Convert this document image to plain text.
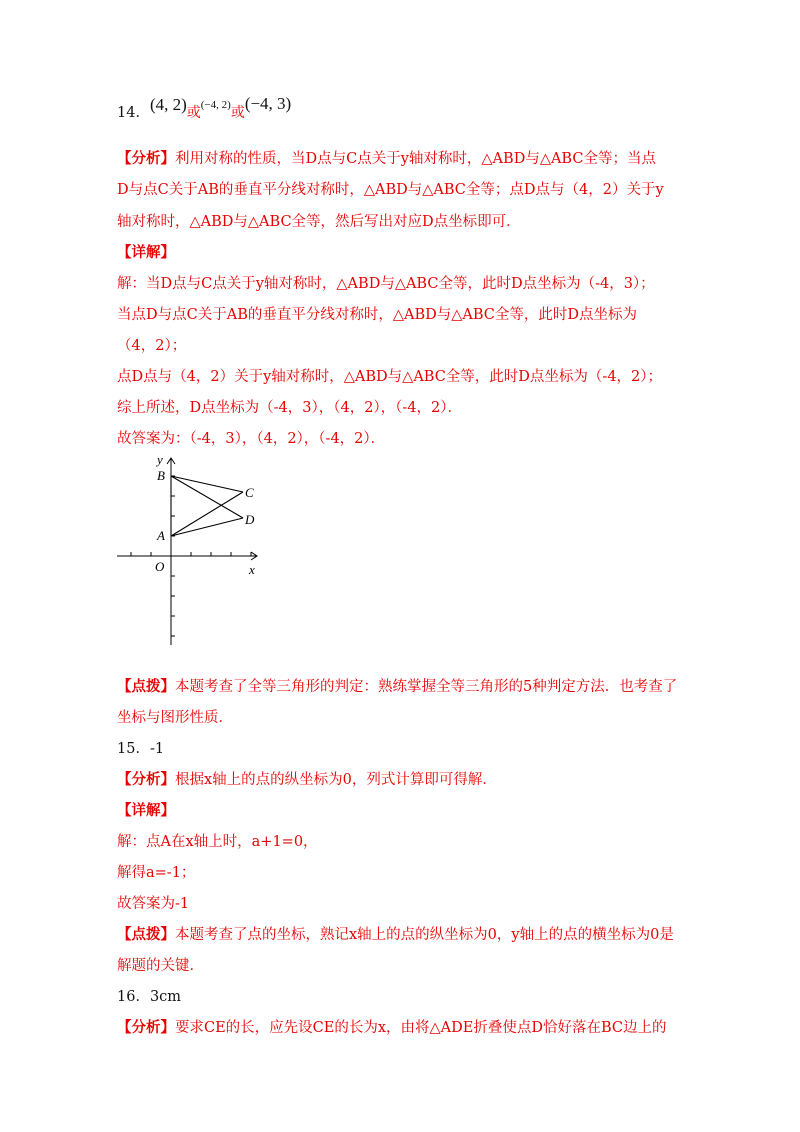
14．(4, 2)或$^{(-4, 2)}$或(−4, 3)
【分析】利用对称的性质，当D点与C点关于y轴对称时，△ABD与△ABC全等；当点
D与点C关于AB的垂直平分线对称时，△ABD与△ABC全等；点D点与（4，2）关于y
轴对称时，△ABD与△ABC全等，然后写出对应D点坐标即可．
【详解】
解：当D点与C点关于y轴对称时，△ABD与△ABC全等，此时D点坐标为（-4，3）；
当点D与点C关于AB的垂直平分线对称时，△ABD与△ABC全等，此时D点坐标为
（4，2）；
点D点与（4，2）关于y轴对称时，△ABD与△ABC全等，此时D点坐标为（-4，2）；
综上所述，D点坐标为（-4，3），（4，2），（-4，2）．
故答案为：（-4，3），（4，2），（-4，2）．
y
x
O
A
B
C
D
【点拨】本题考查了全等三角形的判定：熟练掌握全等三角形的5种判定方法．也考查了
坐标与图形性质．
15．-1
【分析】根据x轴上的点的纵坐标为0，列式计算即可得解．
【详解】
解：点A在x轴上时，a+1=0，
解得a=-1；
故答案为-1
【点拨】本题考查了点的坐标，熟记x轴上的点的纵坐标为0，y轴上的点的横坐标为0是
解题的关键．
16．3cm
【分析】要求CE的长，应先设CE的长为x，由将△ADE折叠使点D恰好落在BC边上的
